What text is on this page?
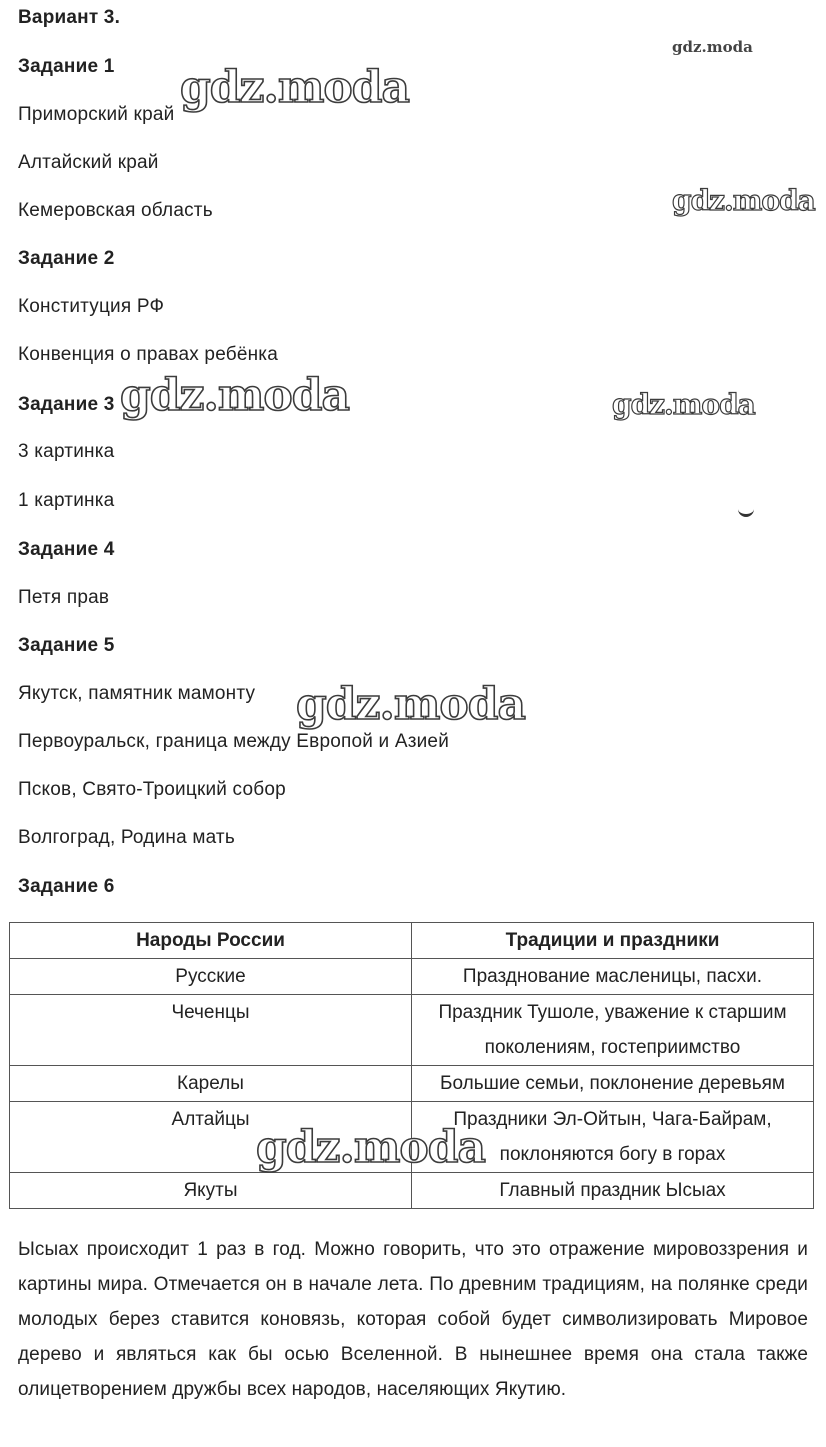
Вариант 3.
Задание 1
Приморский край
Алтайский край
Кемеровская область
Задание 2
Конституция РФ
Конвенция о правах ребёнка
Задание 3
3 картинка
1 картинка
Задание 4
Петя прав
Задание 5
Якутск, памятник мамонту
Первоуральск, граница между Европой и Азией
Псков, Свято-Троицкий собор
Волгоград, Родина мать
Задание 6
Народы России	Традиции и праздники
Русские	Празднование масленицы, пасхи.
Чеченцы	Праздник Тушоле, уважение к старшим поколениям, гостеприимство
Карелы	Большие семьи, поклонение деревьям
Алтайцы	Праздники Эл-Ойтын, Чага-Байрам, поклоняются богу в горах
Якуты	Главный праздник Ысыах
Ысыах происходит 1 раз в год. Можно говорить, что это отражение мировоззрения и картины мира. Отмечается он в начале лета. По древним традициям, на полянке среди молодых берез ставится коновязь, которая собой будет символизировать Мировое дерево и являться как бы осью Вселенной. В нынешнее время она стала также олицетворением дружбы всех народов, населяющих Якутию.
gdz.moda
gdz.moda
gdz.moda
gdz.moda	gdz.moda
gdz.moda
gdz.moda
